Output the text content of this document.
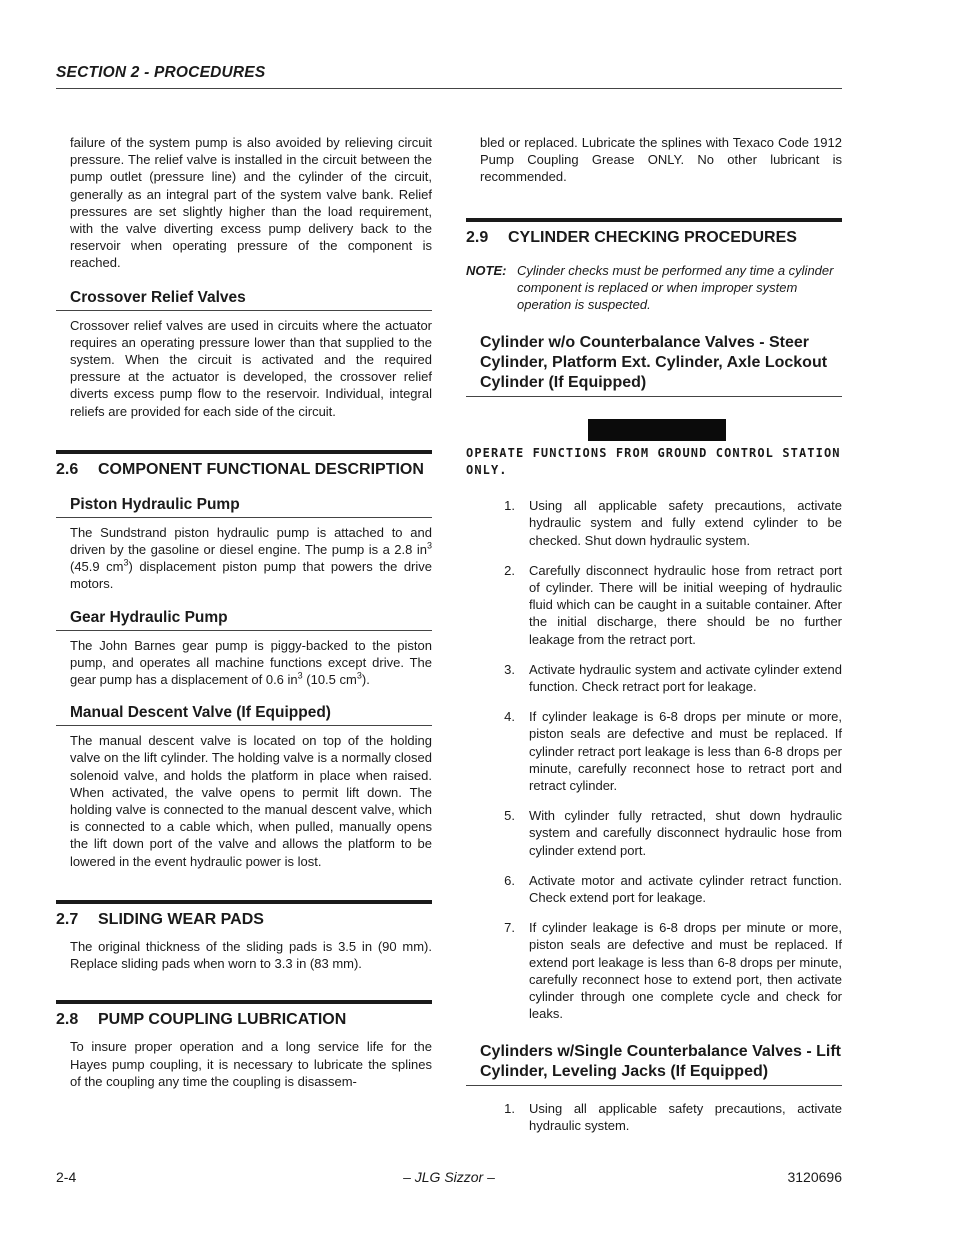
SECTION 2 - PROCEDURES

failure of the system pump is also avoided by relieving circuit pressure. The relief valve is installed in the circuit between the pump outlet (pressure line) and the cylinder of the circuit, generally as an integral part of the system valve bank. Relief pressures are set slightly higher than the load requirement, with the valve diverting excess pump delivery back to the reservoir when operating pressure of the component is reached.

Crossover Relief Valves

Crossover relief valves are used in circuits where the actuator requires an operating pressure lower than that supplied to the system. When the circuit is activated and the required pressure at the actuator is developed, the crossover relief diverts excess pump flow to the reservoir. Individual, integral reliefs are provided for each side of the circuit.

2.6	COMPONENT FUNCTIONAL DESCRIPTION
Piston Hydraulic Pump

The Sundstrand piston hydraulic pump is attached to and driven by the gasoline or diesel engine. The pump is a 2.8 $in^3$ (45.9 $cm^3$) displacement piston pump that powers the drive motors.

Gear Hydraulic Pump

The John Barnes gear pump is piggy-backed to the piston pump, and operates all machine functions except drive. The gear pump has a displacement of 0.6 $in^3$ (10.5 $cm^3$).

Manual Descent Valve (If Equipped)

The manual descent valve is located on top of the holding valve on the lift cylinder. The holding valve is a normally closed solenoid valve, and holds the platform in place when raised. When activated, the valve opens to permit lift down. The holding valve is connected to the manual descent valve, which is connected to a cable which, when pulled, manually opens the lift down port of the valve and allows the platform to be lowered in the event hydraulic power is lost.

2.7	SLIDING WEAR PADS

The original thickness of the sliding pads is 3.5 in (90 mm). Replace sliding pads when worn to 3.3 in (83 mm).

2.8	PUMP COUPLING LUBRICATION

To insure proper operation and a long service life for the Hayes pump coupling, it is necessary to lubricate the splines of the coupling any time the coupling is disassem-

bled or replaced. Lubricate the splines with Texaco Code 1912 Pump Coupling Grease ONLY. No other lubricant is recommended.

2.9	CYLINDER CHECKING PROCEDURES
NOTE: Cylinder checks must be performed any time a cylinder component is replaced or when improper system operation is suspected.
Cylinder w/o Counterbalance Valves - Steer Cylinder, Platform Ext. Cylinder, Axle Lockout Cylinder (If Equipped)
OPERATE FUNCTIONS FROM GROUND CONTROL STATION ONLY.
1.	Using all applicable safety precautions, activate hydraulic system and fully extend cylinder to be checked. Shut down hydraulic system.
2.	Carefully disconnect hydraulic hose from retract port of cylinder. There will be initial weeping of hydraulic fluid which can be caught in a suitable container. After the initial discharge, there should be no further leakage from the retract port.
3.	Activate hydraulic system and activate cylinder extend function. Check retract port for leakage.
4.	If cylinder leakage is 6-8 drops per minute or more, piston seals are defective and must be replaced. If cylinder retract port leakage is less than 6-8 drops per minute, carefully reconnect hose to retract port and retract cylinder.
5.	With cylinder fully retracted, shut down hydraulic system and carefully disconnect hydraulic hose from cylinder extend port.
6.	Activate motor and activate cylinder retract function. Check extend port for leakage.
7.	If cylinder leakage is 6-8 drops per minute or more, piston seals are defective and must be replaced. If extend port leakage is less than 6-8 drops per minute, carefully reconnect hose to extend port, then activate cylinder through one complete cycle and check for leaks.
Cylinders w/Single Counterbalance Valves - Lift Cylinder, Leveling Jacks (If Equipped)
1.	Using all applicable safety precautions, activate hydraulic system.
2-4	– JLG Sizzor –	3120696
